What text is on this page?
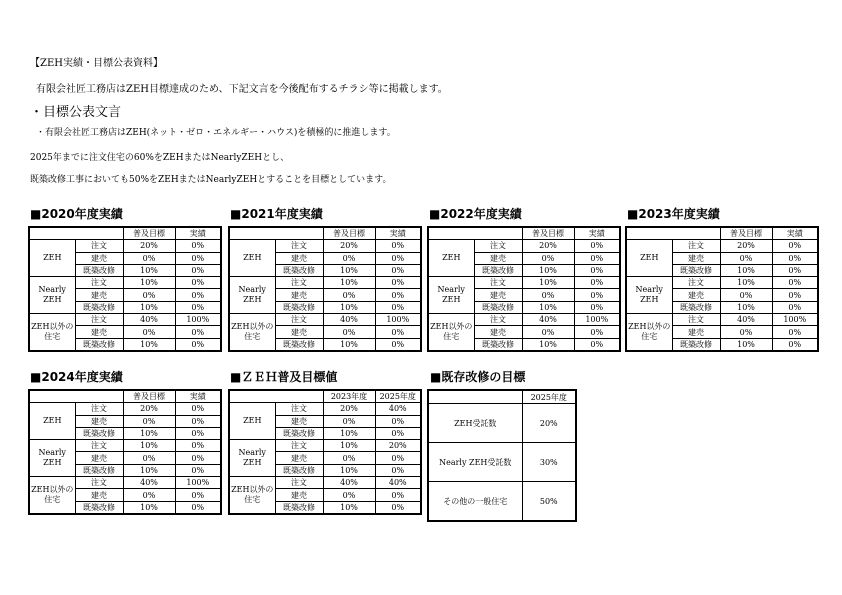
【ZEH実績・目標公表資料】
有限会社匠工務店はZEH目標達成のため、下記文言を今後配布するチラシ等に掲載します。
・目標公表文言
・有限会社匠工務店はZEH(ネット・ゼロ・エネルギー・ハウス)を積極的に推進します。
2025年までに注文住宅の60%をZEHまたはNearlyZEHとし、
既築改修工事においても50%をZEHまたはNearlyZEHとすることを目標としています。
■2020年度実績
		普及目標	実績
ZEH	注文	20%	0%
	建売	0%	0%
	既築改修	10%	0%
Nearly ZEH	注文	10%	0%
	建売	0%	0%
	既築改修	10%	0%
ZEH以外の住宅	注文	40%	100%
	建売	0%	0%
	既築改修	10%	0%
■2021年度実績
		普及目標	実績
ZEH	注文	20%	0%
	建売	0%	0%
	既築改修	10%	0%
Nearly ZEH	注文	10%	0%
	建売	0%	0%
	既築改修	10%	0%
ZEH以外の住宅	注文	40%	100%
	建売	0%	0%
	既築改修	10%	0%
■2022年度実績
		普及目標	実績
ZEH	注文	20%	0%
	建売	0%	0%
	既築改修	10%	0%
Nearly ZEH	注文	10%	0%
	建売	0%	0%
	既築改修	10%	0%
ZEH以外の住宅	注文	40%	100%
	建売	0%	0%
	既築改修	10%	0%
■2023年度実績
		普及目標	実績
ZEH	注文	20%	0%
	建売	0%	0%
	既築改修	10%	0%
Nearly ZEH	注文	10%	0%
	建売	0%	0%
	既築改修	10%	0%
ZEH以外の住宅	注文	40%	100%
	建売	0%	0%
	既築改修	10%	0%
■2024年度実績
		普及目標	実績
ZEH	注文	20%	0%
	建売	0%	0%
	既築改修	10%	0%
Nearly ZEH	注文	10%	0%
	建売	0%	0%
	既築改修	10%	0%
ZEH以外の住宅	注文	40%	100%
	建売	0%	0%
	既築改修	10%	0%
■ＺＥＨ普及目標値
		2023年度	2025年度
ZEH	注文	20%	40%
	建売	0%	0%
	既築改修	10%	0%
Nearly ZEH	注文	10%	20%
	建売	0%	0%
	既築改修	10%	0%
ZEH以外の住宅	注文	40%	40%
	建売	0%	0%
	既築改修	10%	0%
■既存改修の目標
	2025年度
ZEH受託数	20%
Nearly ZEH受託数	30%
その他の一般住宅	50%
